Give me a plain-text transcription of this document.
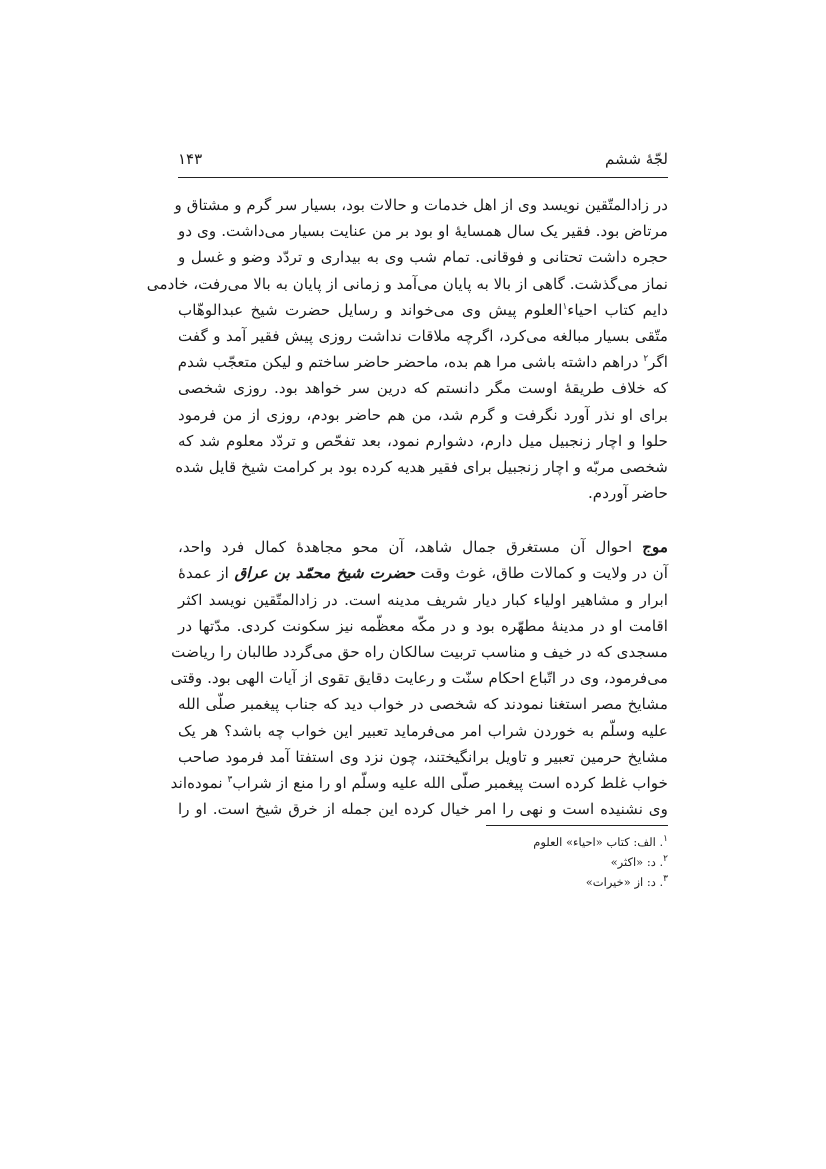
لجّهٔ ششم
۱۴۳
در زادالمتّقین نویسد وی از اهل خدمات و حالات بود، بسیار سر گرم و مشتاق و
مرتاض بود. فقیر یک سال همسایهٔ او بود بر من عنایت بسیار می‌داشت. وی دو
حجره داشت تحتانی و فوقانی. تمام شب وی به بیداری و تردّد وضو و غسل و
نماز می‌گذشت. گاهی از بالا به پایان می‌آمد و زمانی از پایان به بالا می‌رفت، خادمی
دایم کتاب احیاء$^۱$العلوم پیش وی می‌خواند و رسایل حضرت شیخ عبدالوهّاب
متّقی بسیار مبالغه می‌کرد، اگرچه ملاقات نداشت روزی پیش فقیر آمد و گفت
اگر$^۲$ دراهم داشته باشی مرا هم بده، ماحضر حاضر ساختم و لیکن متعجّب شدم
که خلاف طریقهٔ اوست مگر دانستم که درین سر خواهد بود. روزی شخصی
برای او نذر آورد نگرفت و گرم شد، من هم حاضر بودم، روزی از من فرمود
حلوا و اچار زنجبیل میل دارم، دشوارم نمود، بعد تفحّص و تردّد معلوم شد که
شخصی مربّه و اچار زنجبیل برای فقیر هدیه کرده بود بر کرامت شیخ قایل شده
حاضر آوردم.
موج احوال آن مستغرق جمال شاهد، آن محو مجاهدهٔ کمال فرد واحد،
آن در ولایت و کمالات طاق، غوث وقت حضرت شیخ محمّد بن عراق از عمدهٔ
ابرار و مشاهیر اولیاء کبار دیار شریف مدینه است. در زادالمتّقین نویسد اکثر
اقامت او در مدینهٔ مطهّره بود و در مکّه معظّمه نیز سکونت کردی. مدّتها در
مسجدی که در خیف و مناسب تربیت سالکان راه حق می‌گردد طالبان را ریاضت
می‌فرمود، وی در اتّباع احکام سنّت و رعایت دقایق تقوی از آیات الهی بود. وقتی
مشایخ مصر استغنا نمودند که شخصی در خواب دید که جناب پیغمبر صلّی الله
علیه وسلّم به خوردن شراب امر می‌فرماید تعبیر این خواب چه باشد؟ هر یک
مشایخ حرمین تعبیر و تاویل برانگیختند، چون نزد وی استفتا آمد فرمود صاحب
خواب غلط کرده است پیغمبر صلّی الله علیه وسلّم او را منع از شراب$^۳$ نموده‌اند
وی نشنیده است و نهی را امر خیال کرده این جمله از خرق شیخ است. او را
$^۱$. الف: کتاب «احیاء» العلوم
$^۲$. د: «اکثر»
$^۳$. د: از «خیرات»
